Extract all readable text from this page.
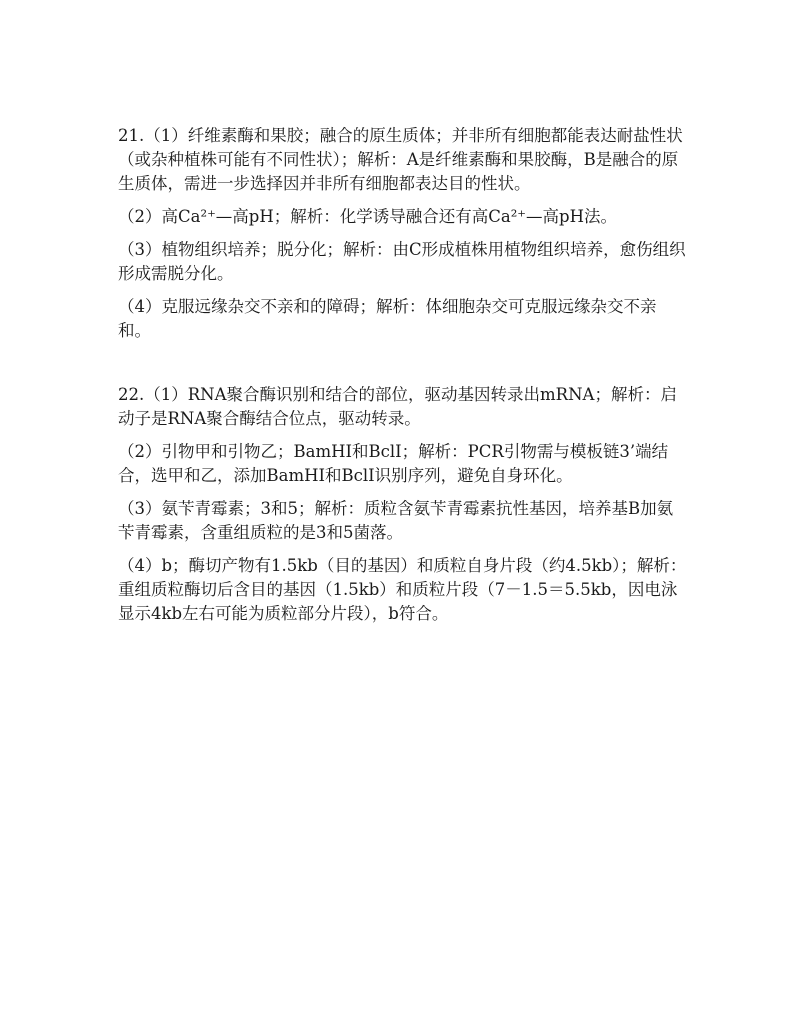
21.（1）纤维素酶和果胶；融合的原生质体；并非所有细胞都能表达耐盐性状（或杂种植株可能有不同性状）；解析：A是纤维素酶和果胶酶，B是融合的原生质体，需进一步选择因并非所有细胞都表达目的性状。

（2）高Ca²⁺—高pH；解析：化学诱导融合还有高Ca²⁺—高pH法。

（3）植物组织培养；脱分化；解析：由C形成植株用植物组织培养，愈伤组织形成需脱分化。

（4）克服远缘杂交不亲和的障碍；解析：体细胞杂交可克服远缘杂交不亲和。

22.（1）RNA聚合酶识别和结合的部位，驱动基因转录出mRNA；解析：启动子是RNA聚合酶结合位点，驱动转录。

（2）引物甲和引物乙；BamHⅠ和BclⅠ；解析：PCR引物需与模板链3’端结合，选甲和乙，添加BamHⅠ和BclⅠ识别序列，避免自身环化。

（3）氨苄青霉素；3和5；解析：质粒含氨苄青霉素抗性基因，培养基B加氨苄青霉素，含重组质粒的是3和5菌落。

（4）b；酶切产物有1.5kb（目的基因）和质粒自身片段（约4.5kb）；解析：重组质粒酶切后含目的基因（1.5kb）和质粒片段（7－1.5＝5.5kb，因电泳显示4kb左右可能为质粒部分片段），b符合。
